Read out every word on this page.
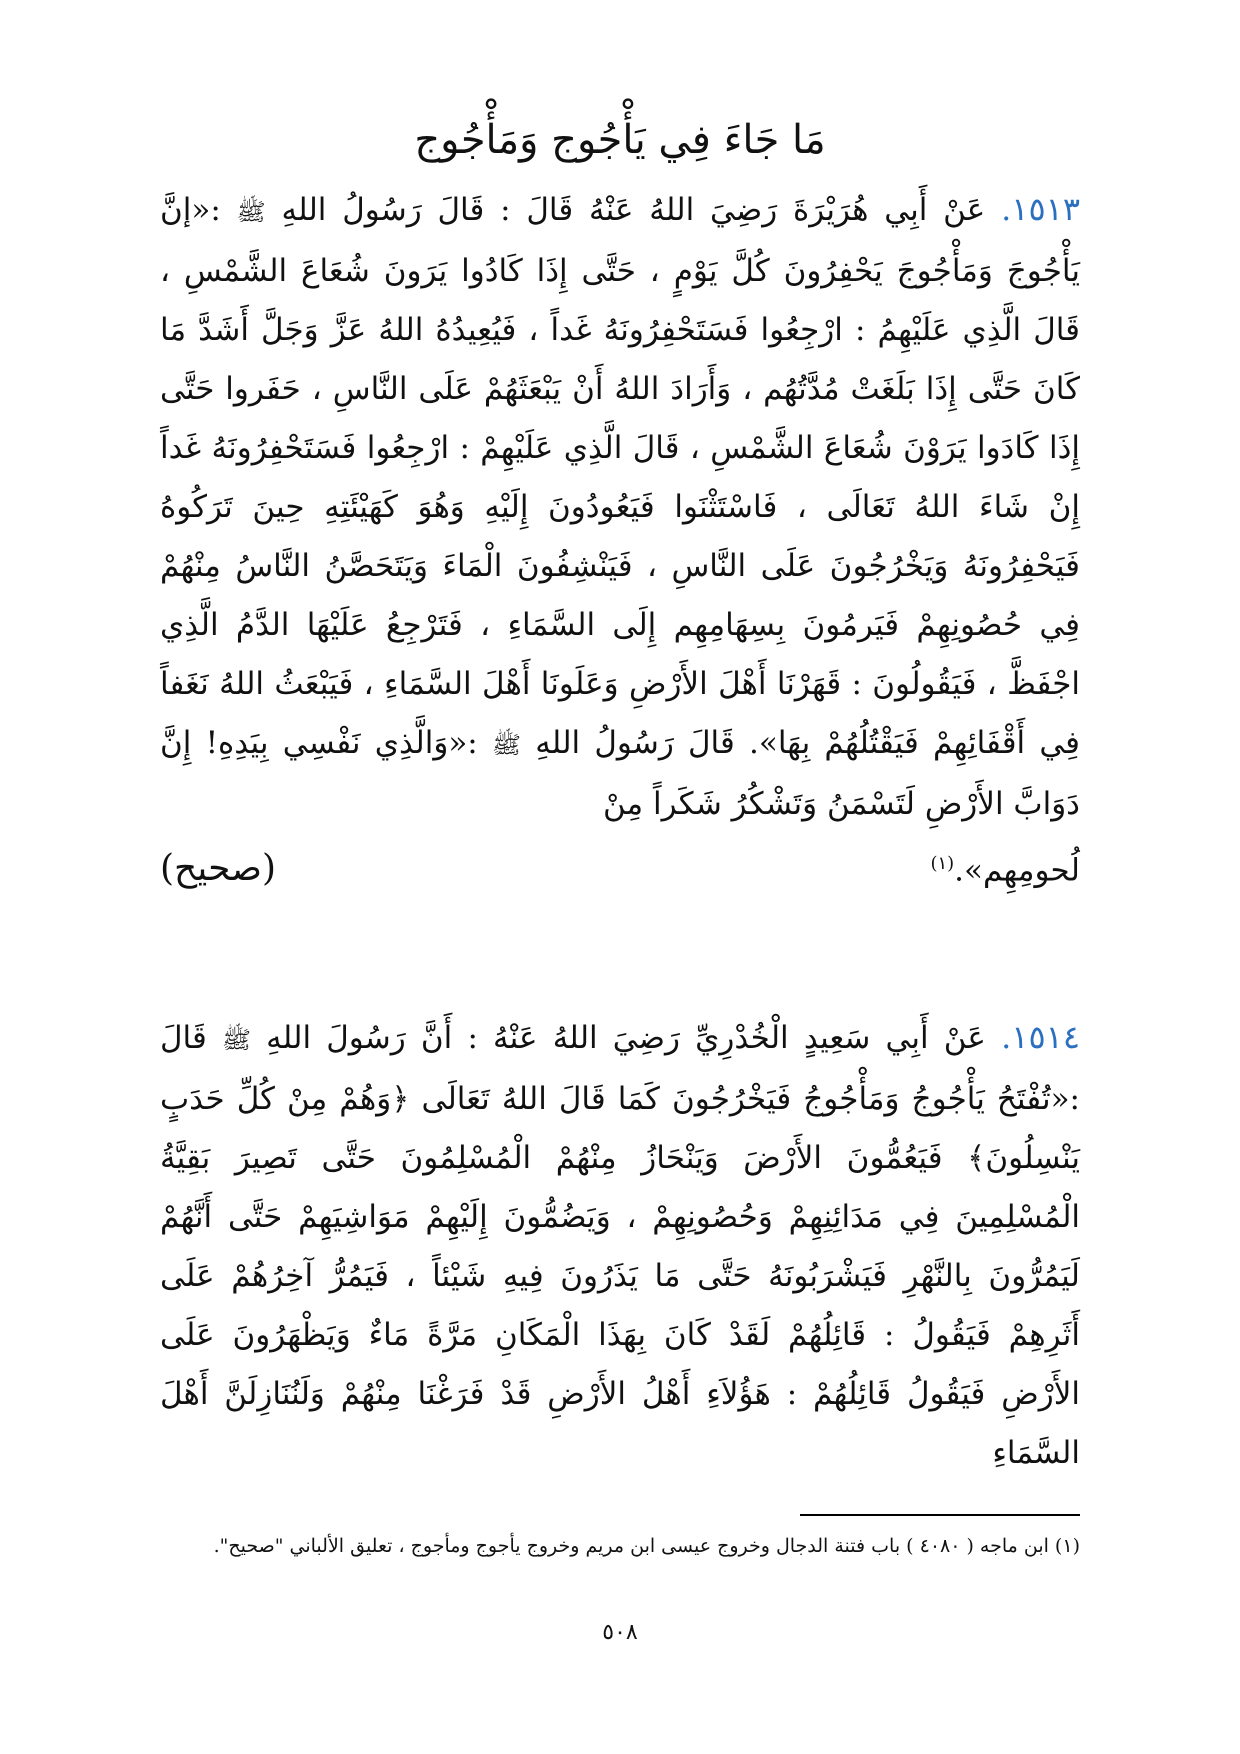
مَا جَاءَ فِي يَأْجُوج وَمَأْجُوج
١٥١٣. عَنْ أَبِي هُرَيْرَةَ رَضِيَ اللهُ عَنْهُ قَالَ : قَالَ رَسُولُ اللهِ ﷺ :«إنَّ يَأْجُوجَ وَمَأْجُوجَ يَحْفِرُونَ كُلَّ يَوْمٍ ، حَتَّى إِذَا كَادُوا يَرَونَ شُعَاعَ الشَّمْسِ ، قَالَ الَّذِي عَلَيْهِمُ : ارْجِعُوا فَسَتَحْفِرُونَهُ غَداً ، فَيُعِيدُهُ اللهُ عَزَّ وَجَلَّ أَشَدَّ مَا كَانَ حَتَّى إِذَا بَلَغَتْ مُدَّتُهُم ، وَأَرَادَ اللهُ أَنْ يَبْعَثَهُمْ عَلَى النَّاسِ ، حَفَروا حَتَّى إِذَا كَادَوا يَرَوْنَ شُعَاعَ الشَّمْسِ ، قَالَ الَّذِي عَلَيْهِمْ : ارْجِعُوا فَسَتَحْفِرُونَهُ غَداً إِنْ شَاءَ اللهُ تَعَالَى ، فَاسْتَثْنَوا فَيَعُودُونَ إِلَيْهِ وَهُوَ كَهَيْئَتِهِ حِينَ تَرَكُوهُ فَيَحْفِرُونَهُ وَيَخْرُجُونَ عَلَى النَّاسِ ، فَيَنْشِفُونَ الْمَاءَ وَيَتَحَصَّنُ النَّاسُ مِنْهُمْ فِي حُصُونِهِمْ فَيَرمُونَ بِسِهَامِهِم إِلَى السَّمَاءِ ، فَتَرْجِعُ عَلَيْهَا الدَّمُ الَّذِي اجْفَظَّ ، فَيَقُولُونَ : قَهَرْنَا أَهْلَ الأَرْضِ وَعَلَونَا أَهْلَ السَّمَاءِ ، فَيَبْعَثُ اللهُ نَغَفاً فِي أَقْفَائِهِمْ فَيَقْتُلُهُمْ بِهَا». قَالَ رَسُولُ اللهِ ﷺ :«وَالَّذِي نَفْسِي بِيَدِهِ! إِنَّ دَوَابَّ الأَرْضِ لَتَسْمَنُ وَتَشْكُرُ شَكَراً مِنْ
لُحومِهِم».$^{(١)}$
(صحيح)
١٥١٤. عَنْ أَبِي سَعِيدٍ الْخُدْرِيِّ رَضِيَ اللهُ عَنْهُ : أَنَّ رَسُولَ اللهِ ﷺ قَالَ :«تُفْتَحُ يَأْجُوجُ وَمَأْجُوجُ فَيَخْرُجُونَ كَمَا قَالَ اللهُ تَعَالَى ﴿وَهُمْ مِنْ كُلِّ حَدَبٍ يَنْسِلُونَ﴾ فَيَعُمُّونَ الأَرْضَ وَيَنْحَازُ مِنْهُمْ الْمُسْلِمُونَ حَتَّى تَصِيرَ بَقِيَّةُ الْمُسْلِمِينَ فِي مَدَائِنِهِمْ وَحُصُونِهِمْ ، وَيَضُمُّونَ إِلَيْهِمْ مَوَاشِيَهِمْ حَتَّى أَنَّهُمْ لَيَمُرُّونَ بِالنَّهْرِ فَيَشْرَبُونَهُ حَتَّى مَا يَذَرُونَ فِيهِ شَيْئاً ، فَيَمُرُّ آخِرُهُمْ عَلَى أَثَرِهِمْ فَيَقُولُ : قَائِلُهُمْ لَقَدْ كَانَ بِهَذَا الْمَكَانِ مَرَّةً مَاءٌ وَيَظْهَرُونَ عَلَى الأَرْضِ فَيَقُولُ قَائِلُهُمْ : هَؤُلاَءِ أَهْلُ الأَرْضِ قَدْ فَرَغْنَا مِنْهُمْ وَلَنُنَازِلَنَّ أَهْلَ السَّمَاءِ
(١) ابن ماجه ( ٤٠٨٠ ) باب فتنة الدجال وخروج عيسى ابن مريم وخروج يأجوج ومأجوج ، تعليق الألباني "صحيح".
٥٠٨
